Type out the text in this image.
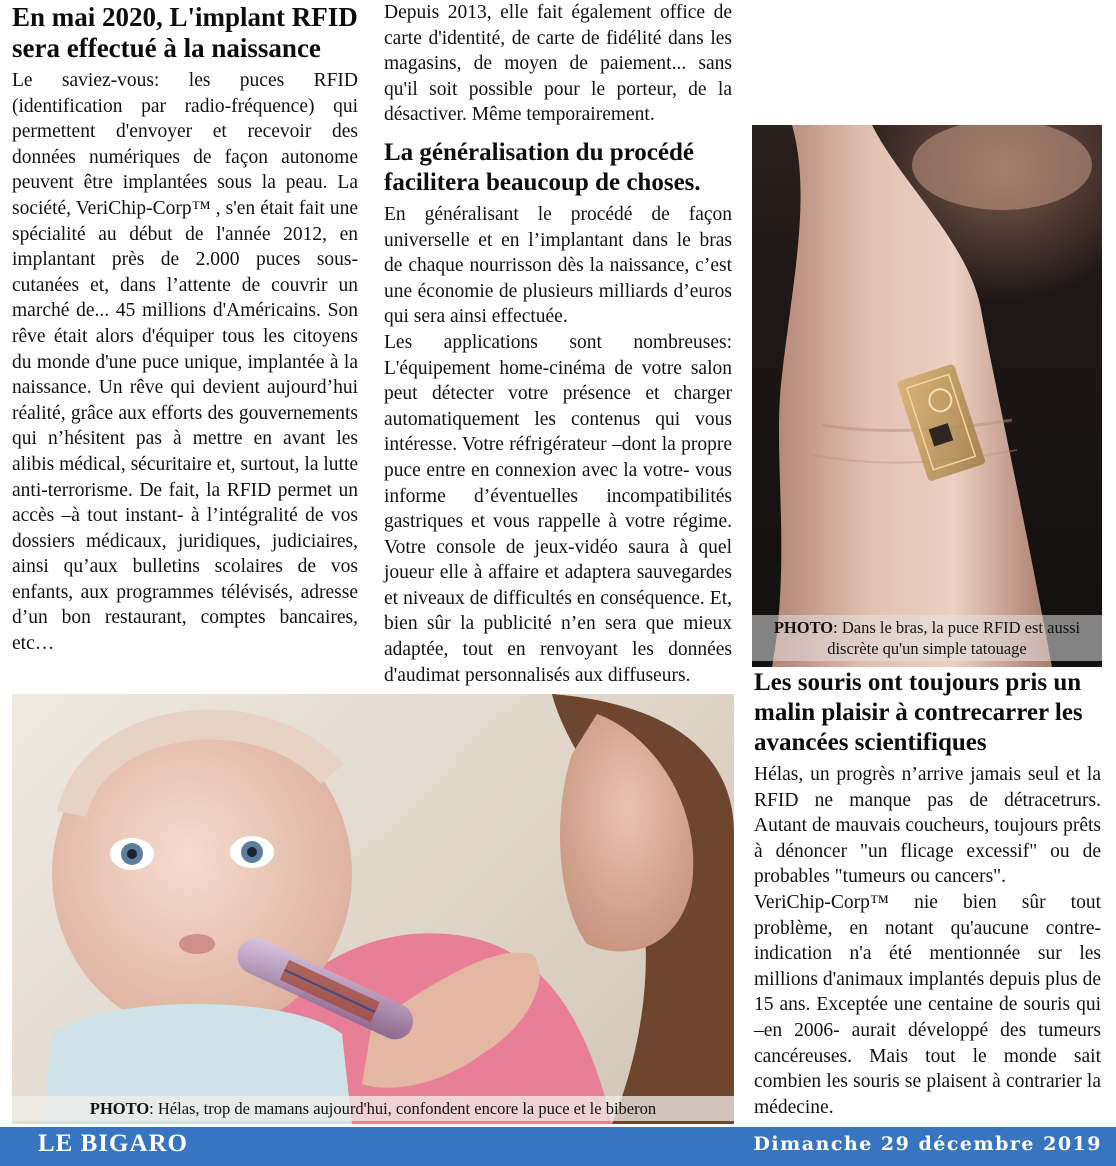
En mai 2020, L'implant RFID sera effectué à la naissance

Le saviez-vous: les puces RFID (identification par radio-fréquence) qui permettent d'envoyer et recevoir des données numériques de façon autonome peuvent être implantées sous la peau. La société, VeriChip-Corp™ , s'en était fait une spécialité au début de l'année 2012, en implantant près de 2.000 puces sous-cutanées et, dans l’attente de couvrir un marché de... 45 millions d'Américains. Son rêve était alors d'équiper tous les citoyens du monde d'une puce unique, implantée à la naissance. Un rêve qui devient aujourd’hui réalité, grâce aux efforts des gouvernements qui n’hésitent pas à mettre en avant les alibis médical, sécuritaire et, surtout, la lutte anti-terrorisme. De fait, la RFID permet un accès –à tout instant- à l’intégralité de vos dossiers médicaux, juridiques, judiciaires, ainsi qu’aux bulletins scolaires de vos enfants, aux programmes télévisés, adresse d’un bon restaurant, comptes bancaires, etc…

Depuis 2013, elle fait également office de carte d'identité, de carte de fidélité dans les magasins, de moyen de paiement... sans qu'il soit possible pour le porteur, de la désactiver. Même temporairement.

La généralisation du procédé facilitera beaucoup de choses.

En généralisant le procédé de façon universelle et en l’implantant dans le bras de chaque nourrisson dès la naissance, c’est une économie de plusieurs milliards d’euros qui sera ainsi effectuée.

Les applications sont nombreuses: L'équipement home-cinéma de votre salon peut détecter votre présence et charger automatiquement les contenus qui vous intéresse. Votre réfrigérateur –dont la propre puce entre en connexion avec la votre- vous informe d’éventuelles incompatibilités gastriques et vous rappelle à votre régime. Votre console de jeux-vidéo saura à quel joueur elle à affaire et adaptera sauvegardes et niveaux de difficultés en conséquence. Et, bien sûr la publicité n’en sera que mieux adaptée, tout en renvoyant les données d'audimat personnalisés aux diffuseurs.

PHOTO: Dans le bras, la puce RFID est aussi discrète qu'un simple tatouage
Les souris ont toujours pris un malin plaisir à contrecarrer les avancées scientifiques

Hélas, un progrès n’arrive jamais seul et la RFID ne manque pas de détracetrurs. Autant de mauvais coucheurs, toujours prêts à dénoncer "un flicage excessif" ou de probables "tumeurs ou cancers".

VeriChip-Corp™ nie bien sûr tout problème, en notant qu'aucune contre-indication n'a été mentionnée sur les millions d'animaux implantés depuis plus de 15 ans. Exceptée une centaine de souris qui –en 2006- aurait développé des tumeurs cancéreuses. Mais tout le monde sait combien les souris se plaisent à contrarier la médecine.

PHOTO: Hélas, trop de mamans aujourd'hui, confondent encore la puce et le biberon
LE BIGARO	Dimanche 29 décembre 2019
